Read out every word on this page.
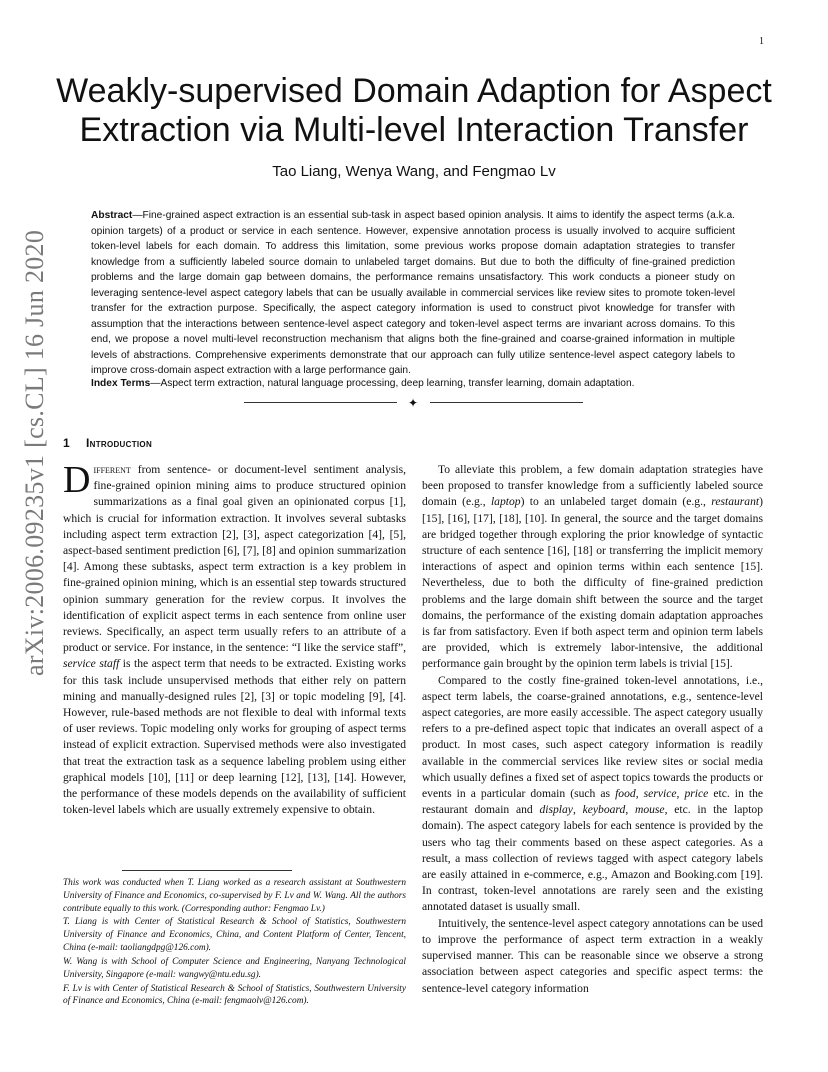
1
arXiv:2006.09235v1 [cs.CL] 16 Jun 2020
Weakly-supervised Domain Adaption for Aspect Extraction via Multi-level Interaction Transfer
Tao Liang, Wenya Wang, and Fengmao Lv
Abstract—Fine-grained aspect extraction is an essential sub-task in aspect based opinion analysis. It aims to identify the aspect terms (a.k.a. opinion targets) of a product or service in each sentence. However, expensive annotation process is usually involved to acquire sufficient token-level labels for each domain. To address this limitation, some previous works propose domain adaptation strategies to transfer knowledge from a sufficiently labeled source domain to unlabeled target domains. But due to both the difficulty of fine-grained prediction problems and the large domain gap between domains, the performance remains unsatisfactory. This work conducts a pioneer study on leveraging sentence-level aspect category labels that can be usually available in commercial services like review sites to promote token-level transfer for the extraction purpose. Specifically, the aspect category information is used to construct pivot knowledge for transfer with assumption that the interactions between sentence-level aspect category and token-level aspect terms are invariant across domains. To this end, we propose a novel multi-level reconstruction mechanism that aligns both the fine-grained and coarse-grained information in multiple levels of abstractions. Comprehensive experiments demonstrate that our approach can fully utilize sentence-level aspect category labels to improve cross-domain aspect extraction with a large performance gain.
Index Terms—Aspect term extraction, natural language processing, deep learning, transfer learning, domain adaptation.
✦
1 Introduction

Different from sentence- or document-level sentiment analysis, fine-grained opinion mining aims to produce structured opinion summarizations as a final goal given an opinionated corpus [1], which is crucial for information extraction. It involves several subtasks including aspect term extraction [2], [3], aspect categorization [4], [5], aspect-based sentiment prediction [6], [7], [8] and opinion summarization [4]. Among these subtasks, aspect term extraction is a key problem in fine-grained opinion mining, which is an essential step towards structured opinion summary generation for the review corpus. It involves the identification of explicit aspect terms in each sentence from online user reviews. Specifically, an aspect term usually refers to an attribute of a product or service. For instance, in the sentence: “I like the service staff”, service staff is the aspect term that needs to be extracted. Existing works for this task include unsupervised methods that either rely on pattern mining and manually-designed rules [2], [3] or topic modeling [9], [4]. However, rule-based methods are not flexible to deal with informal texts of user reviews. Topic modeling only works for grouping of aspect terms instead of explicit extraction. Supervised methods were also investigated that treat the extraction task as a sequence labeling problem using either graphical models [10], [11] or deep learning [12], [13], [14]. However, the performance of these models depends on the availability of sufficient token-level labels which are usually extremely expensive to obtain.

This work was conducted when T. Liang worked as a research assistant at Southwestern University of Finance and Economics, co-supervised by F. Lv and W. Wang. All the authors contribute equally to this work. (Corresponding author: Fengmao Lv.)
T. Liang is with Center of Statistical Research & School of Statistics, Southwestern University of Finance and Economics, China, and Content Platform of Center, Tencent, China (e-mail: taoliangdpg@126.com).
W. Wang is with School of Computer Science and Engineering, Nanyang Technological University, Singapore (e-mail: wangwy@ntu.edu.sg).
F. Lv is with Center of Statistical Research & School of Statistics, Southwestern University of Finance and Economics, China (e-mail: fengmaolv@126.com).

To alleviate this problem, a few domain adaptation strategies have been proposed to transfer knowledge from a sufficiently labeled source domain (e.g., laptop) to an unlabeled target domain (e.g., restaurant) [15], [16], [17], [18], [10]. In general, the source and the target domains are bridged together through exploring the prior knowledge of syntactic structure of each sentence [16], [18] or transferring the implicit memory interactions of aspect and opinion terms within each sentence [15]. Nevertheless, due to both the difficulty of fine-grained prediction problems and the large domain shift between the source and the target domains, the performance of the existing domain adaptation approaches is far from satisfactory. Even if both aspect term and opinion term labels are provided, which is extremely labor-intensive, the additional performance gain brought by the opinion term labels is trivial [15].

Compared to the costly fine-grained token-level annotations, i.e., aspect term labels, the coarse-grained annotations, e.g., sentence-level aspect categories, are more easily accessible. The aspect category usually refers to a pre-defined aspect topic that indicates an overall aspect of a product. In most cases, such aspect category information is readily available in the commercial services like review sites or social media which usually defines a fixed set of aspect topics towards the products or events in a particular domain (such as food, service, price etc. in the restaurant domain and display, keyboard, mouse, etc. in the laptop domain). The aspect category labels for each sentence is provided by the users who tag their comments based on these aspect categories. As a result, a mass collection of reviews tagged with aspect category labels are easily attained in e-commerce, e.g., Amazon and Booking.com [19]. In contrast, token-level annotations are rarely seen and the existing annotated dataset is usually small.

Intuitively, the sentence-level aspect category annotations can be used to improve the performance of aspect term extraction in a weakly supervised manner. This can be reasonable since we observe a strong association between aspect categories and specific aspect terms: the sentence-level category information
